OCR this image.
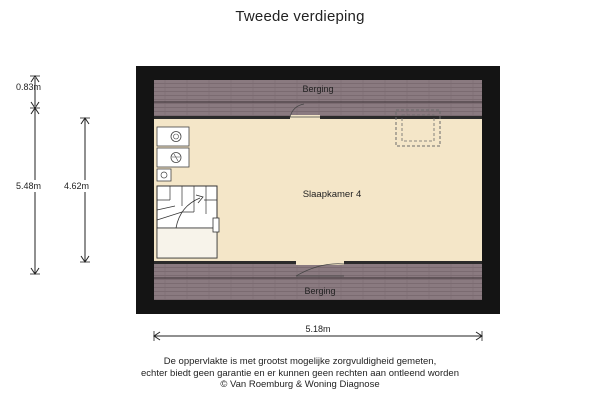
Tweede verdieping
Berging
Berging
Slaapkamer 4
0.83m
5.48m	4.62m
5.18m
De oppervlakte is met grootst mogelijke zorgvuldigheid gemeten,
echter biedt geen garantie en er kunnen geen rechten aan ontleend worden
© Van Roemburg & Woning Diagnose
